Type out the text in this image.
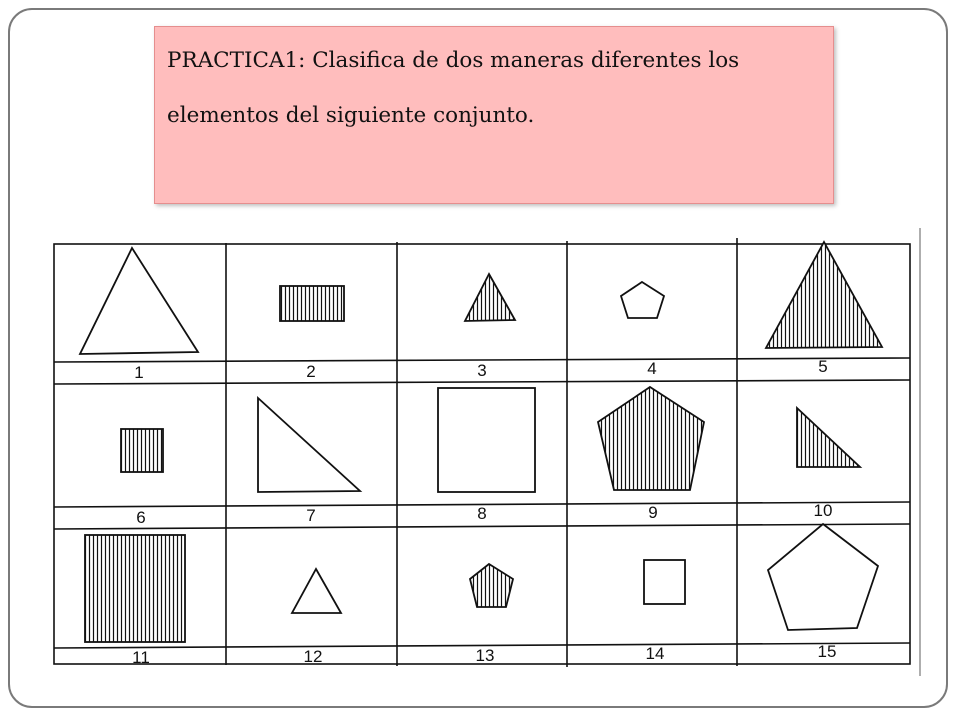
PRACTICA1: Clasifica de dos maneras diferentes los
elementos del siguiente conjunto.
1	2	3	4	5
6	7	8	9	10
11	12	13	14	15
